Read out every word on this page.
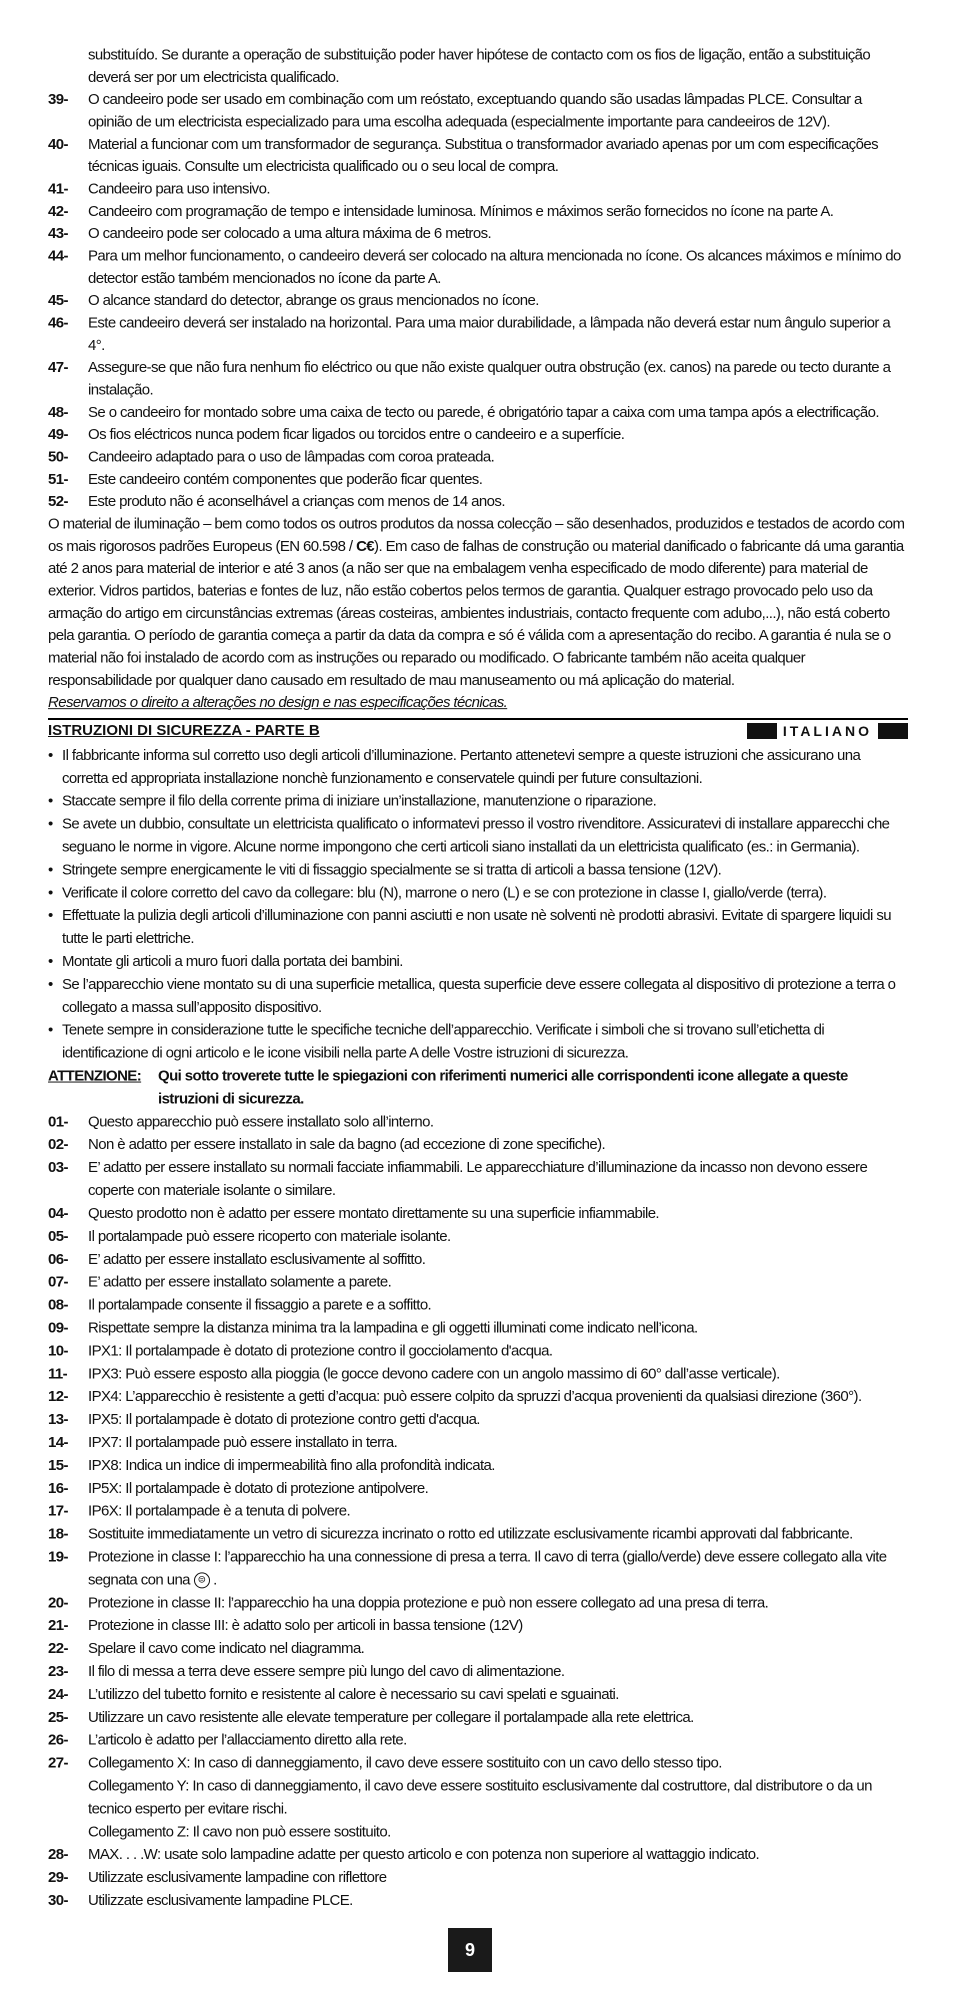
substituído. Se durante a operação de substituição poder haver hipótese de contacto com os fios de ligação, então a substituição deverá ser por um electricista qualificado.
39- O candeeiro pode ser usado em combinação com um reóstato, exceptuando quando são usadas lâmpadas PLCE. Consultar a opinião de um electricista especializado para uma escolha adequada (especialmente importante para candeeiros de 12V).
40- Material a funcionar com um transformador de segurança. Substitua o transformador avariado apenas por um com especificações técnicas iguais. Consulte um electricista qualificado ou o seu local de compra.
41- Candeeiro para uso intensivo.
42- Candeeiro com programação de tempo e intensidade luminosa. Mínimos e máximos serão fornecidos no ícone na parte A.
43- O candeeiro pode ser colocado a uma altura máxima de 6 metros.
44- Para um melhor funcionamento, o candeeiro deverá ser colocado na altura mencionada no ícone. Os alcances máximos e mínimo do detector estão também mencionados no ícone da parte A.
45- O alcance standard do detector, abrange os graus mencionados no ícone.
46- Este candeeiro deverá ser instalado na horizontal. Para uma maior durabilidade, a lâmpada não deverá estar num ângulo superior a 4°.
47- Assegure-se que não fura nenhum fio eléctrico ou que não existe qualquer outra obstrução (ex. canos) na parede ou tecto durante a instalação.
48- Se o candeeiro for montado sobre uma caixa de tecto ou parede, é obrigatório tapar a caixa com uma tampa após a electrificação.
49- Os fios eléctricos nunca podem ficar ligados ou torcidos entre o candeeiro e a superfície.
50- Candeeiro adaptado para o uso de lâmpadas com coroa prateada.
51- Este candeeiro contém componentes que poderão ficar quentes.
52- Este produto não é aconselhável a crianças com menos de 14 anos.

O material de iluminação – bem como todos os outros produtos da nossa colecção – são desenhados, produzidos e testados de acordo com os mais rigorosos padrões Europeus (EN 60.598 / C€). Em caso de falhas de construção ou material danificado o fabricante dá uma garantia até 2 anos para material de interior e até 3 anos (a não ser que na embalagem venha especificado de modo diferente) para material de exterior. Vidros partidos, baterias e fontes de luz, não estão cobertos pelos termos de garantia. Qualquer estrago provocado pelo uso da armação do artigo em circunstâncias extremas (áreas costeiras, ambientes industriais, contacto frequente com adubo,...), não está coberto pela garantia. O período de garantia começa a partir da data da compra e só é válida com a apresentação do recibo. A garantia é nula se o material não foi instalado de acordo com as instruções ou reparado ou modificado. O fabricante também não aceita qualquer responsabilidade por qualquer dano causado em resultado de mau manuseamento ou má aplicação do material.

Reservamos o direito a alterações no design e nas especificações técnicas.

ISTRUZIONI DI SICUREZZA - PARTE B	ITALIANO
• Il fabbricante informa sul corretto uso degli articoli d’illuminazione. Pertanto attenetevi sempre a queste istruzioni che assicurano una corretta ed appropriata installazione nonchè funzionamento e conservatele quindi per future consultazioni.
• Staccate sempre il filo della corrente prima di iniziare un’installazione, manutenzione o riparazione.
• Se avete un dubbio, consultate un elettricista qualificato o informatevi presso il vostro rivenditore. Assicuratevi di installare apparecchi che seguano le norme in vigore. Alcune norme impongono che certi articoli siano installati da un elettricista qualificato (es.: in Germania).
• Stringete sempre energicamente le viti di fissaggio specialmente se si tratta di articoli a bassa tensione (12V).
• Verificate il colore corretto del cavo da collegare: blu (N), marrone o nero (L) e se con protezione in classe I, giallo/verde (terra).
• Effettuate la pulizia degli articoli d’illuminazione con panni asciutti e non usate nè solventi nè prodotti abrasivi. Evitate di spargere liquidi su tutte le parti elettriche.
• Montate gli articoli a muro fuori dalla portata dei bambini.
• Se l’apparecchio viene montato su di una superficie metallica, questa superficie deve essere collegata al dispositivo di protezione a terra o collegato a massa sull’apposito dispositivo.
• Tenete sempre in considerazione tutte le specifiche tecniche dell’apparecchio. Verificate i simboli che si trovano sull’etichetta di identificazione di ogni articolo e le icone visibili nella parte A delle Vostre istruzioni di sicurezza.
ATTENZIONE: Qui sotto troverete tutte le spiegazioni con riferimenti numerici alle corrispondenti icone allegate a queste istruzioni di sicurezza.
01- Questo apparecchio può essere installato solo all’interno.
02- Non è adatto per essere installato in sale da bagno (ad eccezione di zone specifiche).
03- E’ adatto per essere installato su normali facciate infiammabili. Le apparecchiature d’illuminazione da incasso non devono essere coperte con materiale isolante o similare.
04- Questo prodotto non è adatto per essere montato direttamente su una superficie infiammabile.
05- Il portalampade può essere ricoperto con materiale isolante.
06- E’ adatto per essere installato esclusivamente al soffitto.
07- E’ adatto per essere installato solamente a parete.
08- Il portalampade consente il fissaggio a parete e a soffitto.
09- Rispettate sempre la distanza minima tra la lampadina e gli oggetti illuminati come indicato nell’icona.
10- IPX1: Il portalampade è dotato di protezione contro il gocciolamento d'acqua.
11- IPX3: Può essere esposto alla pioggia (le gocce devono cadere con un angolo massimo di 60° dall’asse verticale).
12- IPX4: L’apparecchio è resistente a getti d’acqua: può essere colpito da spruzzi d’acqua provenienti da qualsiasi direzione (360°).
13- IPX5: Il portalampade è dotato di protezione contro getti d'acqua.
14- IPX7: Il portalampade può essere installato in terra.
15- IPX8: Indica un indice di impermeabilità fino alla profondità indicata.
16- IP5X: Il portalampade è dotato di protezione antipolvere.
17- IP6X: Il portalampade è a tenuta di polvere.
18- Sostituite immediatamente un vetro di sicurezza incrinato o rotto ed utilizzate esclusivamente ricambi approvati dal fabbricante.
19- Protezione in classe I: l’apparecchio ha una connessione di presa a terra. Il cavo di terra (giallo/verde) deve essere collegato alla vite segnata con una ⊜ .
20- Protezione in classe II: l’apparecchio ha una doppia protezione e può non essere collegato ad una presa di terra.
21- Protezione in classe III: è adatto solo per articoli in bassa tensione (12V)
22- Spelare il cavo come indicato nel diagramma.
23- Il filo di messa a terra deve essere sempre più lungo del cavo di alimentazione.
24- L’utilizzo del tubetto fornito e resistente al calore è necessario su cavi spelati e sguainati.
25- Utilizzare un cavo resistente alle elevate temperature per collegare il portalampade alla rete elettrica.
26- L’articolo è adatto per l’allacciamento diretto alla rete.
27- Collegamento X: In caso di danneggiamento, il cavo deve essere sostituito con un cavo dello stesso tipo.
Collegamento Y: In caso di danneggiamento, il cavo deve essere sostituito esclusivamente dal costruttore, dal distributore o da un tecnico esperto per evitare rischi.
Collegamento Z: Il cavo non può essere sostituito.
28- MAX. . . .W: usate solo lampadine adatte per questo articolo e con potenza non superiore al wattaggio indicato.
29- Utilizzate esclusivamente lampadine con riflettore
30- Utilizzate esclusivamente lampadine PLCE.
9
